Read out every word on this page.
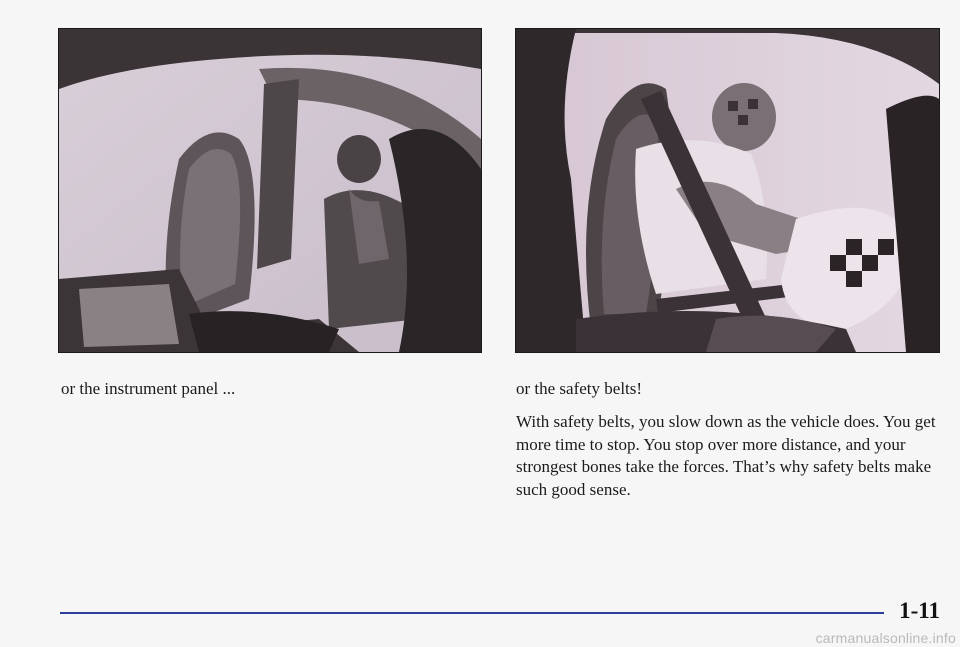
or the instrument panel ...	or the safety belts!

With safety belts, you slow down as the vehicle does. You get more time to stop. You stop over more distance, and your strongest bones take the forces. That’s why safety belts make such good sense.

1-11
carmanualsonline.info
